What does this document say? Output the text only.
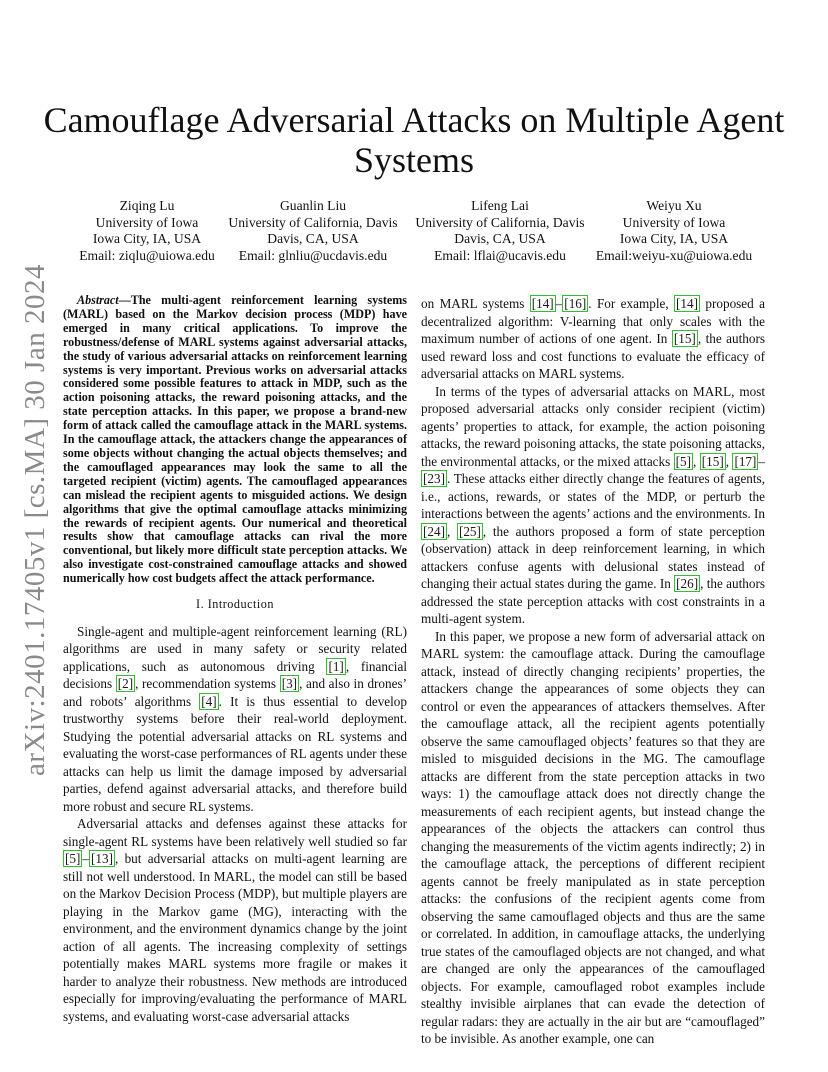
arXiv:2401.17405v1 [cs.MA] 30 Jan 2024
Camouflage Adversarial Attacks on Multiple Agent Systems
Ziqing Lu
University of Iowa
Iowa City, IA, USA
Email: ziqlu@uiowa.edu
Guanlin Liu
University of California, Davis
Davis, CA, USA
Email: glnliu@ucdavis.edu
Lifeng Lai
University of California, Davis
Davis, CA, USA
Email: lflai@ucavis.edu
Weiyu Xu
University of Iowa
Iowa City, IA, USA
Email:weiyu-xu@uiowa.edu

Abstract—The multi-agent reinforcement learning systems (MARL) based on the Markov decision process (MDP) have emerged in many critical applications. To improve the robustness/defense of MARL systems against adversarial attacks, the study of various adversarial attacks on reinforcement learning systems is very important. Previous works on adversarial attacks considered some possible features to attack in MDP, such as the action poisoning attacks, the reward poisoning attacks, and the state perception attacks. In this paper, we propose a brand-new form of attack called the camouflage attack in the MARL systems. In the camouflage attack, the attackers change the appearances of some objects without changing the actual objects themselves; and the camouflaged appearances may look the same to all the targeted recipient (victim) agents. The camouflaged appearances can mislead the recipient agents to misguided actions. We design algorithms that give the optimal camouflage attacks minimizing the rewards of recipient agents. Our numerical and theoretical results show that camouflage attacks can rival the more conventional, but likely more difficult state perception attacks. We also investigate cost-constrained camouflage attacks and showed numerically how cost budgets affect the attack performance.

I. Introduction

Single-agent and multiple-agent reinforcement learning (RL) algorithms are used in many safety or security related applications, such as autonomous driving [1] , financial decisions [2] , recommendation systems [3] , and also in drones’ and robots’ algorithms [4] . It is thus essential to develop trustworthy systems before their real-world deployment. Studying the potential adversarial attacks on RL systems and evaluating the worst-case performances of RL agents under these attacks can help us limit the damage imposed by adversarial parties, defend against adversarial attacks, and therefore build more robust and secure RL systems.

Adversarial attacks and defenses against these attacks for single-agent RL systems have been relatively well studied so far [5] – [13] , but adversarial attacks on multi-agent learning are still not well understood. In MARL, the model can still be based on the Markov Decision Process (MDP), but multiple players are playing in the Markov game (MG), interacting with the environment, and the environment dynamics change by the joint action of all agents. The increasing complexity of settings potentially makes MARL systems more fragile or makes it harder to analyze their robustness. New methods are introduced especially for improving/evaluating the performance of MARL systems, and evaluating worst-case adversarial attacks

on MARL systems [14] – [16] . For example, [14] proposed a decentralized algorithm: V-learning that only scales with the maximum number of actions of one agent. In [15] , the authors used reward loss and cost functions to evaluate the efficacy of adversarial attacks on MARL systems.

In terms of the types of adversarial attacks on MARL, most proposed adversarial attacks only consider recipient (victim) agents’ properties to attack, for example, the action poisoning attacks, the reward poisoning attacks, the state poisoning attacks, the environmental attacks, or the mixed attacks [5] , [15] , [17] –[23] . These attacks either directly change the features of agents, i.e., actions, rewards, or states of the MDP, or perturb the interactions between the agents’ actions and the environments. In [24] , [25] , the authors proposed a form of state perception (observation) attack in deep reinforcement learning, in which attackers confuse agents with delusional states instead of changing their actual states during the game. In [26] , the authors addressed the state perception attacks with cost constraints in a multi-agent system.

In this paper, we propose a new form of adversarial attack on MARL system: the camouflage attack. During the camouflage attack, instead of directly changing recipients’ properties, the attackers change the appearances of some objects they can control or even the appearances of attackers themselves. After the camouflage attack, all the recipient agents potentially observe the same camouflaged objects’ features so that they are misled to misguided decisions in the MG. The camouflage attacks are different from the state perception attacks in two ways: 1) the camouflage attack does not directly change the measurements of each recipient agents, but instead change the appearances of the objects the attackers can control thus changing the measurements of the victim agents indirectly; 2) in the camouflage attack, the perceptions of different recipient agents cannot be freely manipulated as in state perception attacks: the confusions of the recipient agents come from observing the same camouflaged objects and thus are the same or correlated. In addition, in camouflage attacks, the underlying true states of the camouflaged objects are not changed, and what are changed are only the appearances of the camouflaged objects. For example, camouflaged robot examples include stealthy invisible airplanes that can evade the detection of regular radars: they are actually in the air but are “camouflaged” to be invisible. As another example, one can
